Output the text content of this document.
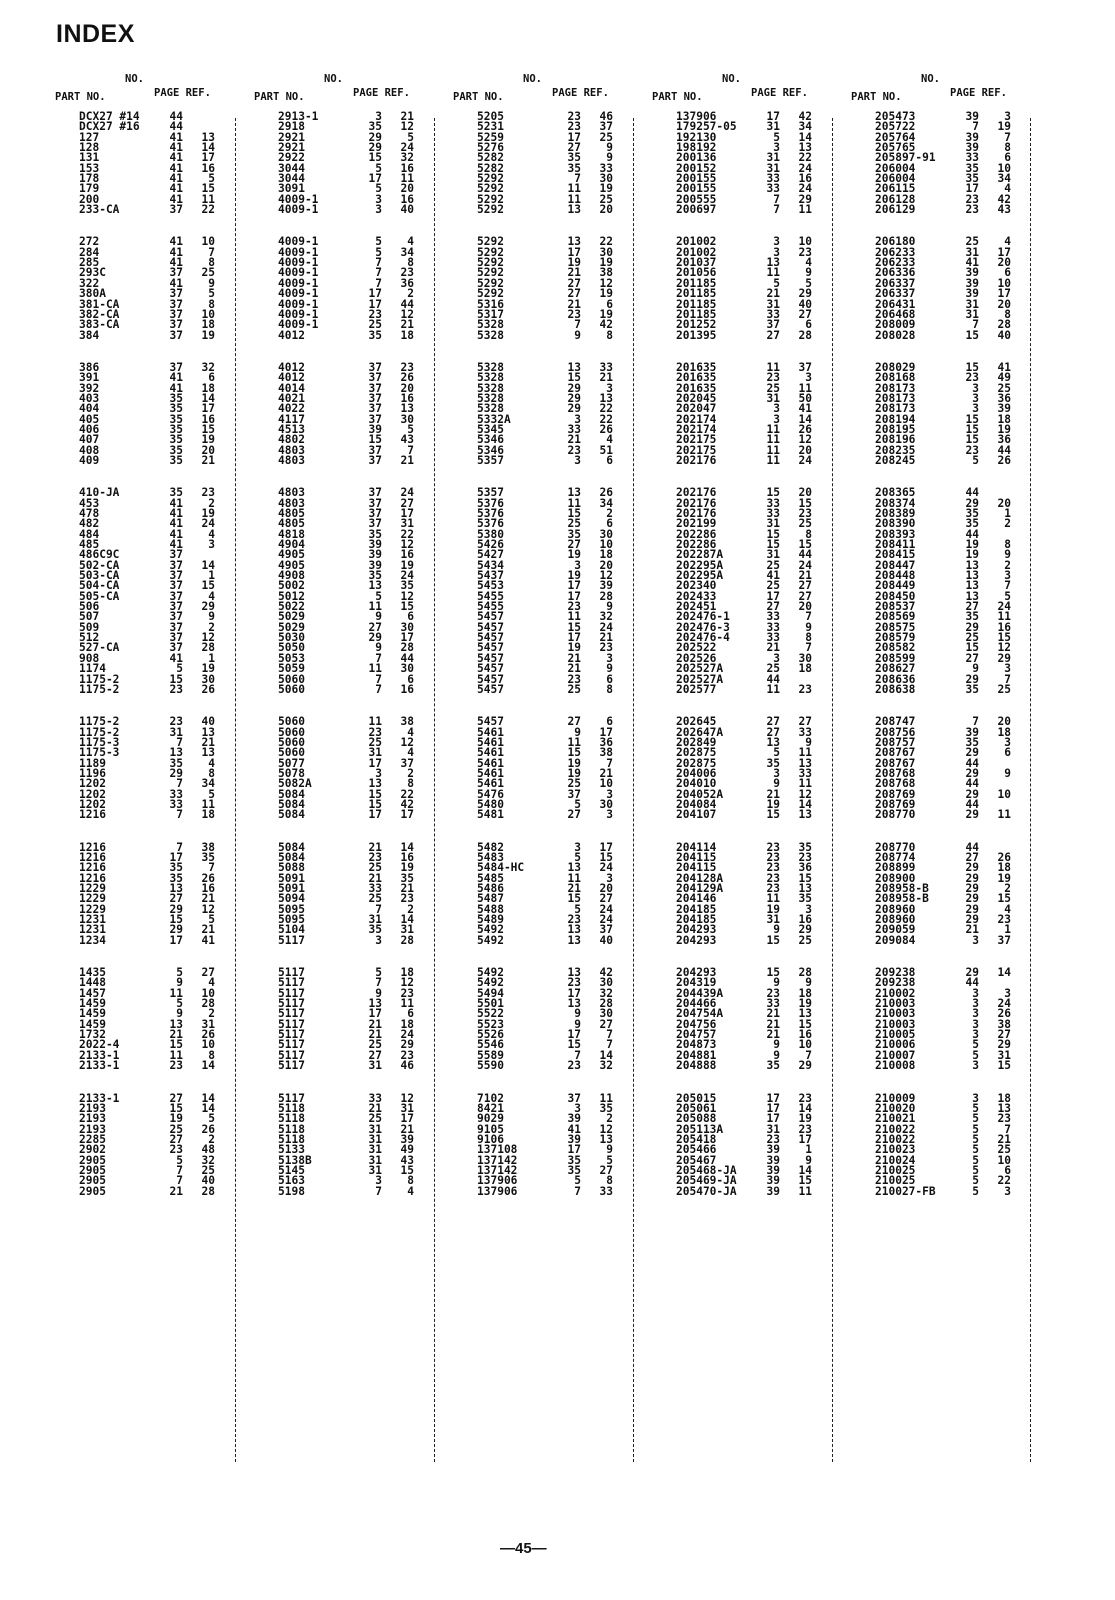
INDEX
PART NO.
NO.
PAGE REF.
DCX27 #14	44
DCX27 #16	44
127	41	13
128	41	14
131	41	17
153	41	16
178	41	5
179	41	15
200	41	11
233-CA	37	22
272	41	10
284	41	7
285	41	8
293C	37	25
322	41	9
380A	37	5
381-CA	37	8
382-CA	37	10
383-CA	37	18
384	37	19
386	37	32
391	41	6
392	41	18
403	35	14
404	35	17
405	35	16
406	35	15
407	35	19
408	35	20
409	35	21
410-JA	35	23
453	41	2
478	41	19
482	41	24
484	41	4
485	41	3
486C9C	37
502-CA	37	14
503-CA	37	1
504-CA	37	15
505-CA	37	4
506	37	29
507	37	9
509	37	2
512	37	12
527-CA	37	28
908	41	1
1174	5	19
1175-2	15	30
1175-2	23	26
1175-2	23	40
1175-2	31	13
1175-3	7	21
1175-3	13	13
1189	35	4
1196	29	8
1202	7	34
1202	33	5
1202	33	11
1216	7	18
1216	7	38
1216	17	35
1216	35	7
1216	35	26
1229	13	16
1229	27	21
1229	29	12
1231	15	5
1231	29	21
1234	17	41
1435	5	27
1448	9	4
1457	11	10
1459	5	28
1459	9	2
1459	13	31
1732	21	26
2022-4	15	10
2133-1	11	8
2133-1	23	14
2133-1	27	14
2193	15	14
2193	19	5
2193	25	26
2285	27	2
2902	23	48
2905	5	32
2905	7	25
2905	7	40
2905	21	28
PART NO.
NO.
PAGE REF.
2913-1	3	21
2918	35	12
2921	29	5
2921	29	24
2922	15	32
3044	5	16
3044	17	11
3091	5	20
4009-1	3	16
4009-1	3	40
4009-1	5	4
4009-1	5	34
4009-1	7	8
4009-1	7	23
4009-1	7	36
4009-1	17	2
4009-1	17	44
4009-1	23	12
4009-1	25	21
4012	35	18
4012	37	23
4012	37	26
4014	37	20
4021	37	16
4022	37	13
4117	37	30
4513	39	5
4802	15	43
4803	37	7
4803	37	21
4803	37	24
4803	37	27
4805	37	17
4805	37	31
4818	35	22
4904	39	12
4905	39	16
4905	39	19
4908	35	24
5002	13	35
5012	5	12
5022	11	15
5029	9	6
5029	27	30
5030	29	17
5050	9	28
5053	7	44
5059	11	30
5060	7	6
5060	7	16
5060	11	38
5060	23	4
5060	25	12
5060	31	4
5077	17	37
5078	3	2
5082A	13	8
5084	15	22
5084	15	42
5084	17	17
5084	21	14
5084	23	16
5088	25	19
5091	21	35
5091	33	21
5094	25	23
5095	7	2
5095	31	14
5104	35	31
5117	3	28
5117	5	18
5117	7	12
5117	9	23
5117	13	11
5117	17	6
5117	21	18
5117	21	24
5117	25	29
5117	27	23
5117	31	46
5117	33	12
5118	21	31
5118	25	17
5118	31	21
5118	31	39
5133	31	49
5138B	31	43
5145	31	15
5163	3	8
5198	7	4
PART NO.
NO.
PAGE REF.
5205	23	46
5231	23	37
5259	17	25
5276	27	9
5282	35	9
5282	35	33
5292	7	30
5292	11	19
5292	11	25
5292	13	20
5292	13	22
5292	17	30
5292	19	19
5292	21	38
5292	27	12
5292	27	19
5316	21	6
5317	23	19
5328	7	42
5328	9	8
5328	13	33
5328	15	21
5328	29	3
5328	29	13
5328	29	22
5332A	3	22
5345	33	26
5346	21	4
5346	23	51
5357	3	6
5357	13	26
5376	11	34
5376	15	2
5376	25	6
5380	35	30
5426	27	10
5427	19	18
5434	3	20
5437	19	12
5453	17	39
5455	17	28
5455	23	9
5457	11	32
5457	15	24
5457	17	21
5457	19	23
5457	21	3
5457	21	9
5457	23	6
5457	25	8
5457	27	6
5461	9	17
5461	11	36
5461	15	38
5461	19	7
5461	19	21
5461	25	10
5476	37	3
5480	5	30
5481	27	3
5482	3	17
5483	5	15
5484-HC	13	24
5485	11	3
5486	21	20
5487	15	27
5488	5	24
5489	23	24
5492	13	37
5492	13	40
5492	13	42
5492	23	30
5494	17	32
5501	13	28
5522	9	30
5523	9	27
5526	17	7
5546	15	7
5589	7	14
5590	23	32
7102	37	11
8421	3	35
9029	39	2
9105	41	12
9106	39	13
137108	17	9
137142	35	5
137142	35	27
137906	5	8
137906	7	33
PART NO.
NO.
PAGE REF.
137906	17	42
179257-05	31	34
192130	5	14
198192	3	13
200136	31	22
200152	31	24
200155	33	16
200155	33	24
200555	7	29
200697	7	11
201002	3	10
201002	3	23
201037	13	4
201056	11	9
201185	5	5
201185	21	29
201185	31	40
201185	33	27
201252	37	6
201395	27	28
201635	11	37
201635	23	3
201635	25	11
202045	31	50
202047	3	41
202174	3	14
202174	11	26
202175	11	12
202175	11	20
202176	11	24
202176	15	20
202176	33	15
202176	33	23
202199	31	25
202286	15	8
202286	15	15
202287A	31	44
202295A	25	24
202295A	41	21
202340	25	27
202433	17	27
202451	27	20
202476-1	33	7
202476-3	33	9
202476-4	33	8
202522	21	7
202526	3	30
202527A	25	18
202527A	44
202577	11	23
202645	27	27
202647A	27	33
202849	13	9
202875	5	11
202875	35	13
204006	3	33
204010	9	11
204052A	21	12
204084	19	14
204107	15	13
204114	23	35
204115	23	23
204115	23	36
204128A	23	15
204129A	23	13
204146	11	35
204185	19	3
204185	31	16
204293	9	29
204293	15	25
204293	15	28
204319	9	9
204439A	23	18
204466	33	19
204754A	21	13
204756	21	15
204757	21	16
204873	9	10
204881	9	7
204888	35	29
205015	17	23
205061	17	14
205088	17	19
205113A	31	23
205418	23	17
205466	39	1
205467	39	9
205468-JA	39	14
205469-JA	39	15
205470-JA	39	11
PART NO.
NO.
PAGE REF.
205473	39	3
205722	7	19
205764	39	7
205765	39	8
205897-91	33	6
206004	35	10
206004	35	34
206115	17	4
206128	23	42
206129	23	43
206180	25	4
206233	31	17
206233	41	20
206336	39	6
206337	39	10
206337	39	17
206431	31	20
206468	31	8
208009	7	28
208028	15	40
208029	15	41
208168	23	49
208173	3	25
208173	3	36
208173	3	39
208194	15	18
208195	15	19
208196	15	36
208235	23	44
208245	5	26
208365	44
208374	29	20
208389	35	1
208390	35	2
208393	44
208411	19	8
208415	19	9
208447	13	2
208448	13	3
208449	13	7
208450	13	5
208537	27	24
208569	35	11
208575	29	16
208579	25	15
208582	15	12
208599	27	29
208627	9	3
208636	29	7
208638	35	25
208747	7	20
208756	39	18
208757	35	3
208767	29	6
208767	44
208768	29	9
208768	44
208769	29	10
208769	44
208770	29	11
208770	44
208774	27	26
208899	29	18
208900	29	19
208958-B	29	2
208958-B	29	15
208960	29	4
208960	29	23
209059	21	1
209084	3	37
209238	29	14
209238	44
210002	3	3
210003	3	24
210003	3	26
210003	3	38
210005	3	27
210006	5	29
210007	5	31
210008	3	15
210009	3	18
210020	5	13
210021	5	23
210022	5	7
210022	5	21
210023	5	25
210024	5	10
210025	5	6
210025	5	22
210027-FB	5	3
—45—
